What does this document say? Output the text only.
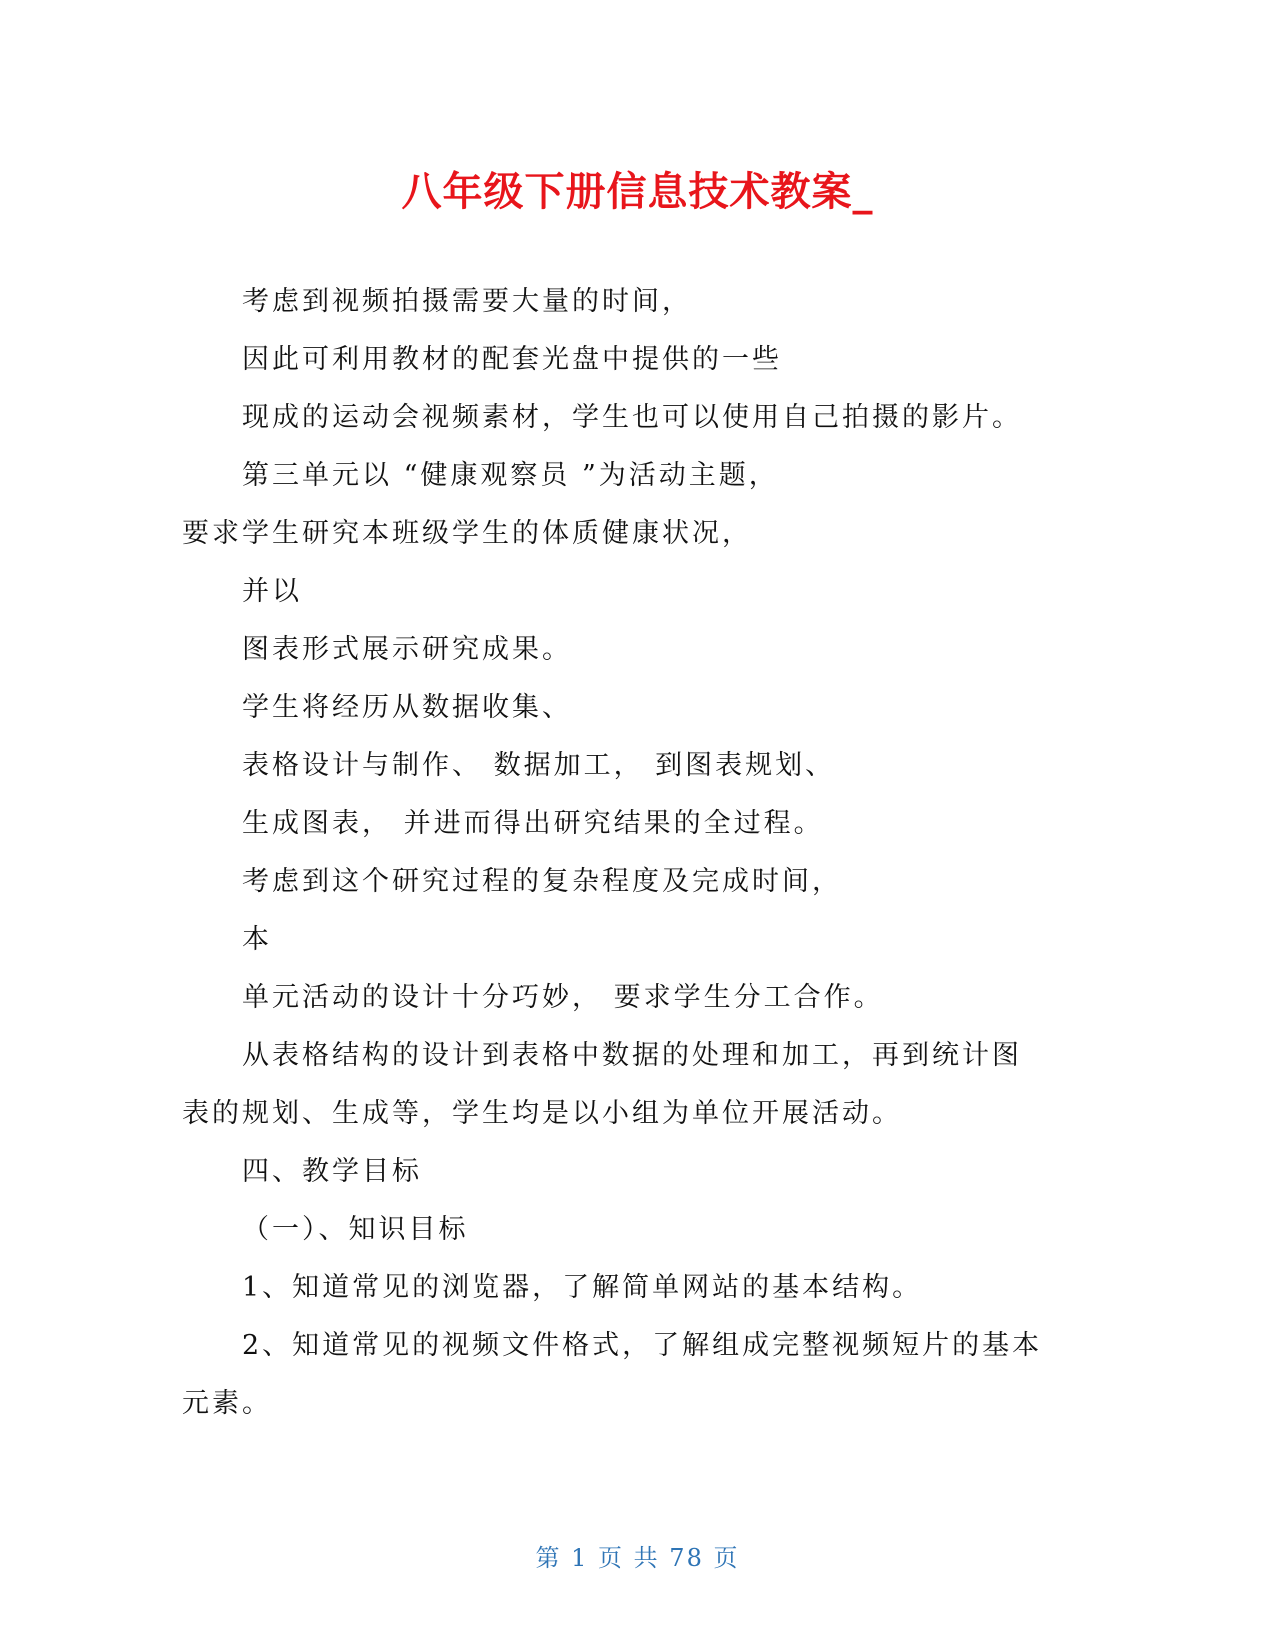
八年级下册信息技术教案_
考虑到视频拍摄需要大量的时间，
因此可利用教材的配套光盘中提供的一些
现成的运动会视频素材，学生也可以使用自己拍摄的影片。
第三单元以 “健康观察员 ”为活动主题，
要求学生研究本班级学生的体质健康状况，
并以
图表形式展示研究成果。
学生将经历从数据收集、
表格设计与制作、 数据加工， 到图表规划、
生成图表， 并进而得出研究结果的全过程。
考虑到这个研究过程的复杂程度及完成时间，
本
单元活动的设计十分巧妙， 要求学生分工合作。
从表格结构的设计到表格中数据的处理和加工，再到统计图
表的规划、生成等，学生均是以小组为单位开展活动。
四、教学目标
（一）、知识目标
1、知道常见的浏览器，了解简单网站的基本结构。
2、知道常见的视频文件格式，了解组成完整视频短片的基本
元素。
第 1 页 共 78 页
